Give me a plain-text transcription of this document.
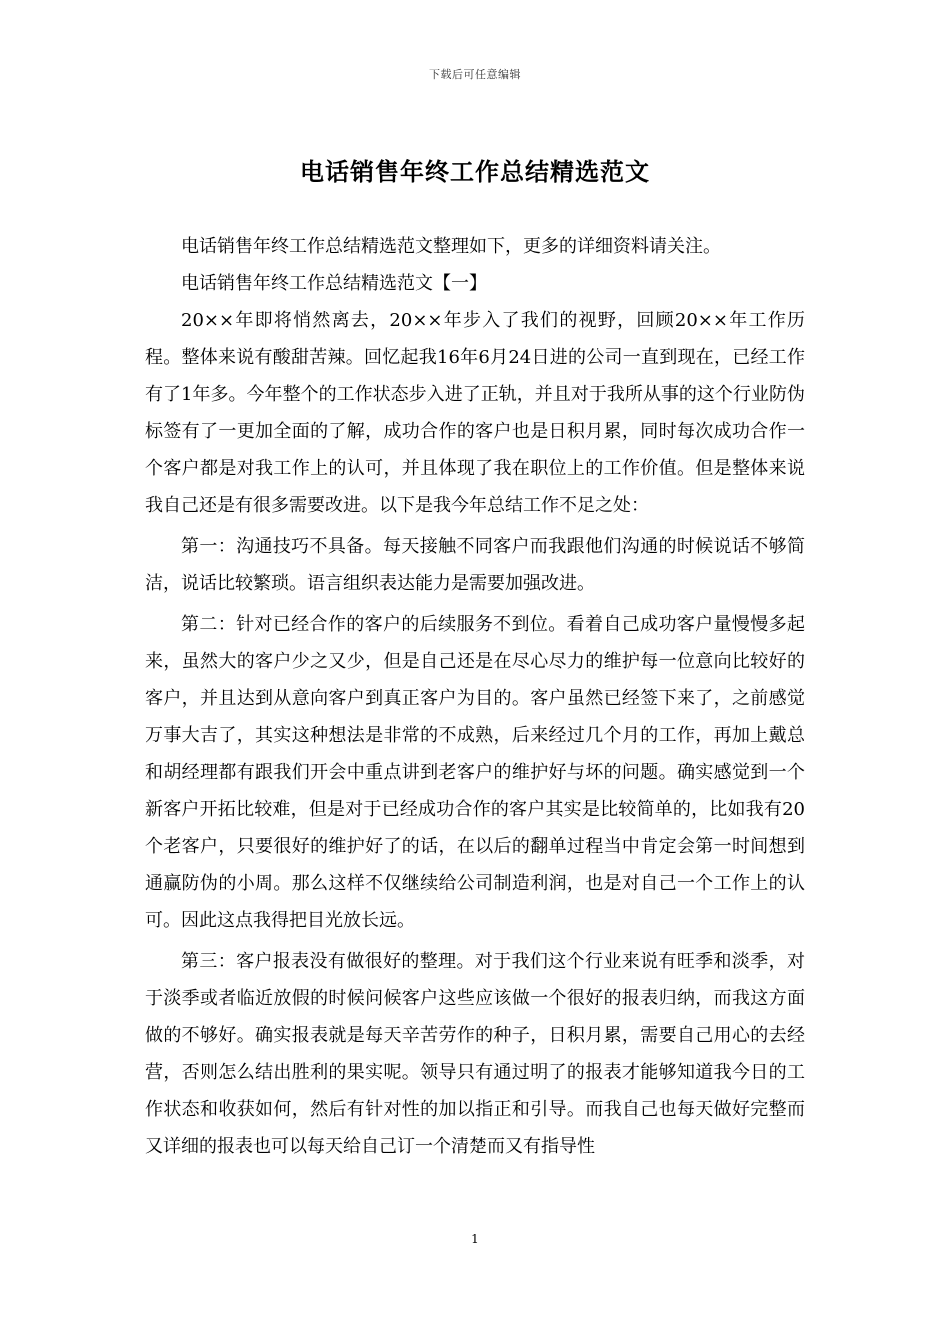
下载后可任意编辑
电话销售年终工作总结精选范文

电话销售年终工作总结精选范文整理如下，更多的详细资料请关注。

电话销售年终工作总结精选范文【一】

20××年即将悄然离去，20××年步入了我们的视野，回顾20××年工作历程。整体来说有酸甜苦辣。回忆起我16年6月24日进的公司一直到现在，已经工作有了1年多。今年整个的工作状态步入进了正轨，并且对于我所从事的这个行业防伪标签有了一更加全面的了解，成功合作的客户也是日积月累，同时每次成功合作一个客户都是对我工作上的认可，并且体现了我在职位上的工作价值。但是整体来说我自己还是有很多需要改进。以下是我今年总结工作不足之处：

第一：沟通技巧不具备。每天接触不同客户而我跟他们沟通的时候说话不够简洁，说话比较繁琐。语言组织表达能力是需要加强改进。

第二：针对已经合作的客户的后续服务不到位。看着自己成功客户量慢慢多起来，虽然大的客户少之又少，但是自己还是在尽心尽力的维护每一位意向比较好的客户，并且达到从意向客户到真正客户为目的。客户虽然已经签下来了，之前感觉万事大吉了，其实这种想法是非常的不成熟，后来经过几个月的工作，再加上戴总和胡经理都有跟我们开会中重点讲到老客户的维护好与坏的问题。确实感觉到一个新客户开拓比较难，但是对于已经成功合作的客户其实是比较简单的，比如我有20个老客户，只要很好的维护好了的话，在以后的翻单过程当中肯定会第一时间想到通赢防伪的小周。那么这样不仅继续给公司制造利润，也是对自己一个工作上的认可。因此这点我得把目光放长远。

第三：客户报表没有做很好的整理。对于我们这个行业来说有旺季和淡季，对于淡季或者临近放假的时候问候客户这些应该做一个很好的报表归纳，而我这方面做的不够好。确实报表就是每天辛苦劳作的种子，日积月累，需要自己用心的去经营，否则怎么结出胜利的果实呢。领导只有通过明了的报表才能够知道我今日的工作状态和收获如何，然后有针对性的加以指正和引导。而我自己也每天做好完整而又详细的报表也可以每天给自己订一个清楚而又有指导性

1
